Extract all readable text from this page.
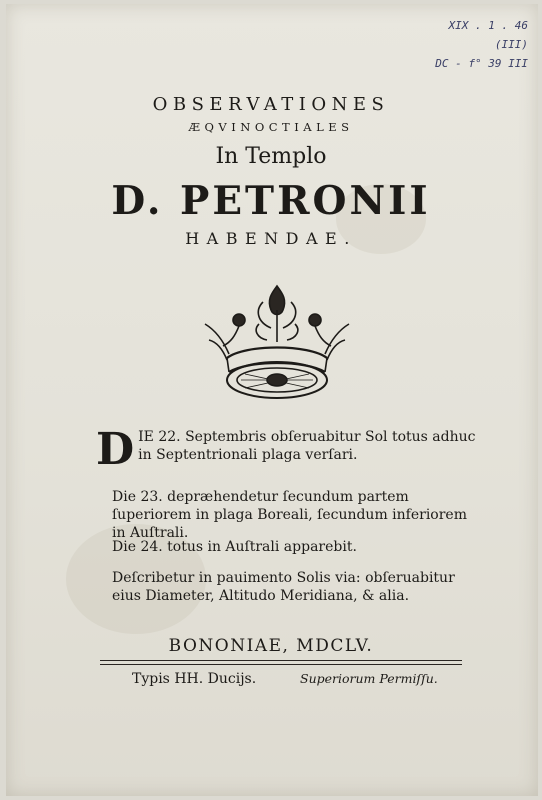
XIX . 1 . 46
(III)
DC - f° 39 III
OBSERVATIONES
ÆQVINOCTIALES
In Templo
D. PETRONII
HABENDAE.
D IE 22. Septembris obſeruabitur Sol totus adhuc in Septentrionali plaga verſari.
Die 23. depræhendetur ſecundum partem ſuperiorem in plaga Boreali, ſecundum inferiorem in Auſtrali.
Die 24. totus in Auſtrali apparebit.
Deſcribetur in pauimento Solis via: obſeruabitur eius Diameter, Altitudo Meridiana, & alia.
BONONIAE, MDCLV.
Typis HH. Ducijs.	Superiorum Permiſſu.
